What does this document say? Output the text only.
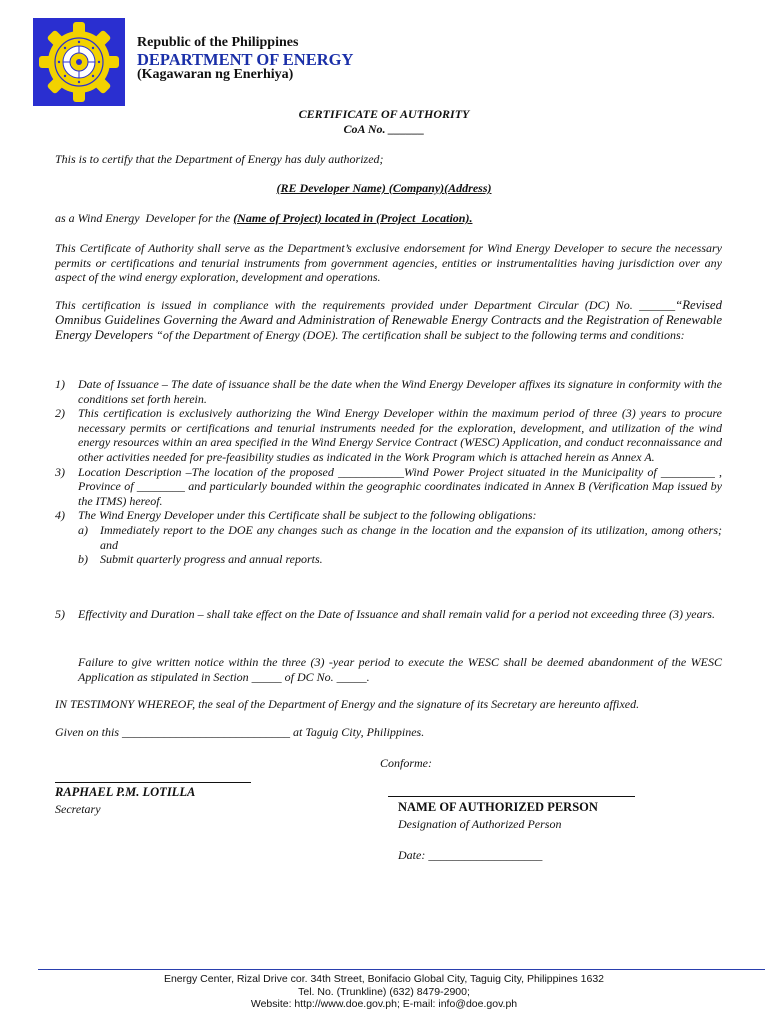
Republic of the Philippines
DEPARTMENT OF ENERGY
(Kagawaran ng Enerhiya)
CERTIFICATE OF AUTHORITY
CoA No. ______
This is to certify that the Department of Energy has duly authorized;
(RE Developer Name) (Company)(Address)
as a Wind Energy  Developer for the (Name of Project) located in (Project  Location).
This Certificate of Authority shall serve as the Department’s exclusive endorsement for Wind Energy Developer to secure the necessary permits or certifications and tenurial instruments from government agencies, entities or instrumentalities having jurisdiction over any aspect of the wind energy exploration, development and operations.
This certification is issued in compliance with the requirements provided under Department Circular (DC) No. ______“Revised Omnibus Guidelines Governing the Award and Administration of Renewable Energy Contracts and the Registration of Renewable Energy Developers “of the Department of Energy (DOE). The certification shall be subject to the following terms and conditions:
1) Date of Issuance – The date of issuance shall be the date when the Wind Energy Developer affixes its signature in conformity with the conditions set forth herein.
2) This certification is exclusively authorizing the Wind Energy Developer within the maximum period of three (3) years to procure necessary permits or certifications and tenurial instruments needed for the exploration, development, and utilization of the wind energy resources within an area specified in the Wind Energy Service Contract (WESC) Application, and conduct reconnaissance and other activities needed for pre-feasibility studies as indicated in the Work Program which is attached herein as Annex A.
3) Location Description –The location of the proposed ___________Wind Power Project situated in the Municipality of _________ , Province of ________ and particularly bounded within the geographic coordinates indicated in Annex B (Verification Map issued by the ITMS) hereof.
4) The Wind Energy Developer under this Certificate shall be subject to the following obligations:
a) Immediately report to the DOE any changes such as change in the location and the expansion of its utilization, among others; and
b) Submit quarterly progress and annual reports.
5) Effectivity and Duration – shall take effect on the Date of Issuance and shall remain valid for a period not exceeding three (3) years.
Failure to give written notice within the three (3) -year period to execute the WESC shall be deemed abandonment of the WESC Application as stipulated in Section _____ of DC No. _____.
IN TESTIMONY WHEREOF, the seal of the Department of Energy and the signature of its Secretary are hereunto affixed.
Given on this ____________________________ at Taguig City, Philippines.
Conforme:
RAPHAEL P.M. LOTILLA
Secretary	NAME OF AUTHORIZED PERSON
Designation of Authorized Person
Date: ___________________
Energy Center, Rizal Drive cor. 34th Street, Bonifacio Global City, Taguig City, Philippines 1632
Tel. No. (Trunkline) (632) 8479-2900;
Website: http://www.doe.gov.ph; E-mail: info@doe.gov.ph
